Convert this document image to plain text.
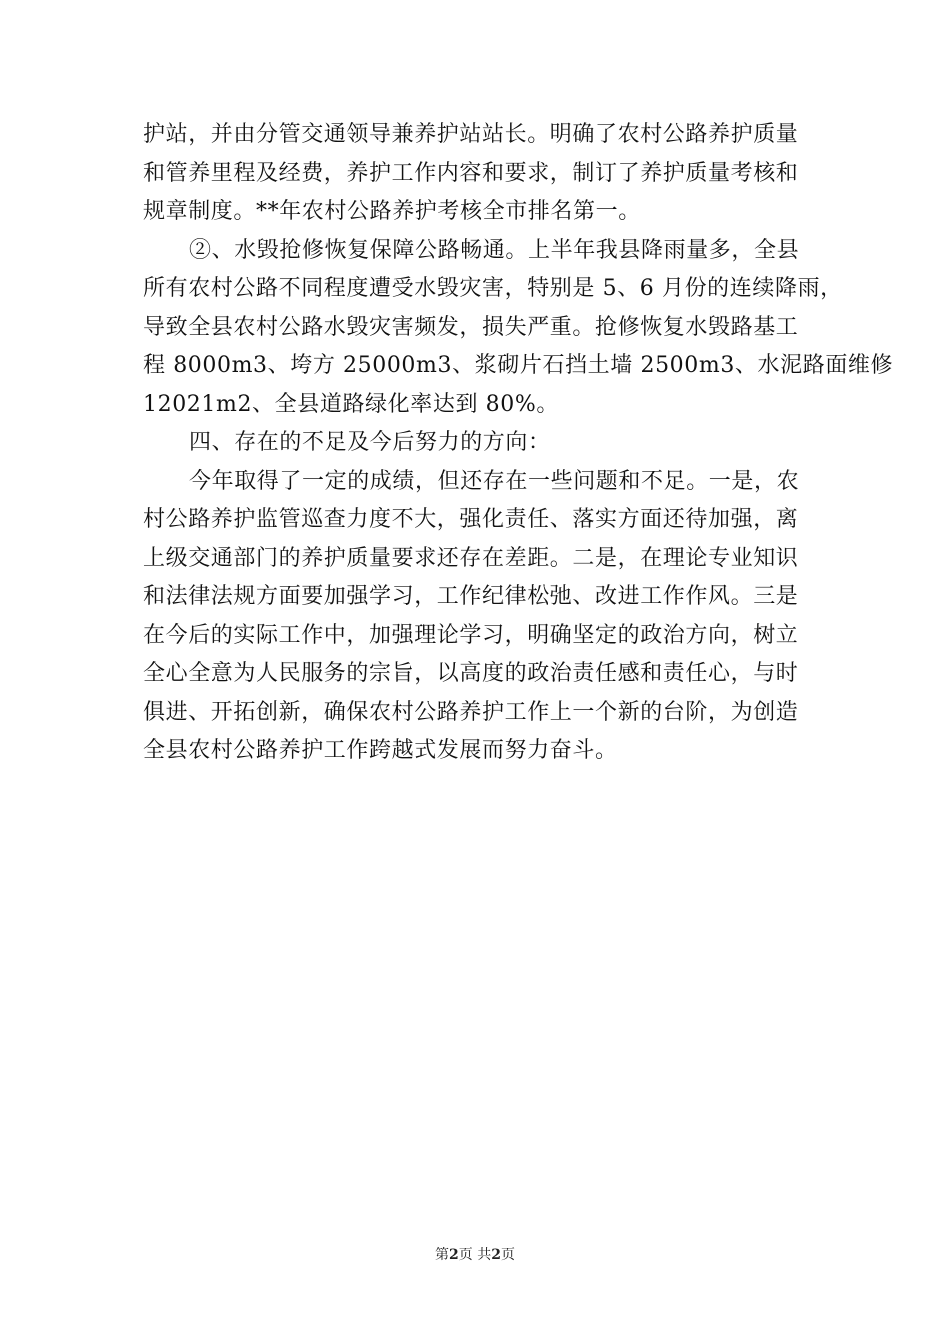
护站，并由分管交通领导兼养护站站长。明确了农村公路养护质量
和管养里程及经费，养护工作内容和要求，制订了养护质量考核和
规章制度。**年农村公路养护考核全市排名第一。
②、水毁抢修恢复保障公路畅通。上半年我县降雨量多，全县
所有农村公路不同程度遭受水毁灾害，特别是 5、6 月份的连续降雨，
导致全县农村公路水毁灾害频发，损失严重。抢修恢复水毁路基工
程 8000m3、垮方 25000m3、浆砌片石挡土墙 2500m3、水泥路面维修
12021m2、全县道路绿化率达到 80%。
四、存在的不足及今后努力的方向：
今年取得了一定的成绩，但还存在一些问题和不足。一是，农
村公路养护监管巡查力度不大，强化责任、落实方面还待加强，离
上级交通部门的养护质量要求还存在差距。二是，在理论专业知识
和法律法规方面要加强学习，工作纪律松弛、改进工作作风。三是
在今后的实际工作中，加强理论学习，明确坚定的政治方向，树立
全心全意为人民服务的宗旨，以高度的政治责任感和责任心，与时
俱进、开拓创新，确保农村公路养护工作上一个新的台阶，为创造
全县农村公路养护工作跨越式发展而努力奋斗。
第2页 共2页
